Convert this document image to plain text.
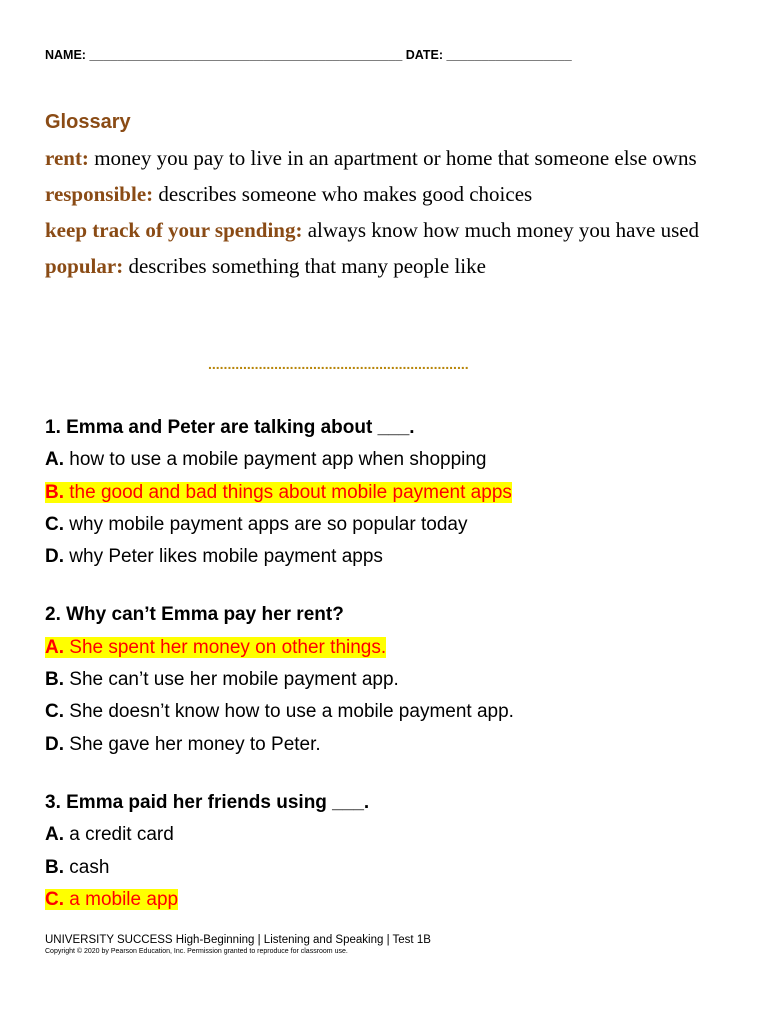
NAME: _____________________________________________ DATE: __________________
Glossary

rent: money you pay to live in an apartment or home that someone else owns

responsible: describes someone who makes good choices

keep track of your spending: always know how much money you have used

popular: describes something that many people like

...................................................................
1. Emma and Peter are talking about ___.
A. how to use a mobile payment app when shopping
B. the good and bad things about mobile payment apps
C. why mobile payment apps are so popular today
D. why Peter likes mobile payment apps
2. Why can’t Emma pay her rent?
A. She spent her money on other things.
B. She can’t use her mobile payment app.
C. She doesn’t know how to use a mobile payment app.
D. She gave her money to Peter.
3. Emma paid her friends using ___.
A. a credit card
B. cash
C. a mobile app
UNIVERSITY SUCCESS High-Beginning | Listening and Speaking | Test 1B
Copyright © 2020 by Pearson Education, Inc. Permission granted to reproduce for classroom use.
